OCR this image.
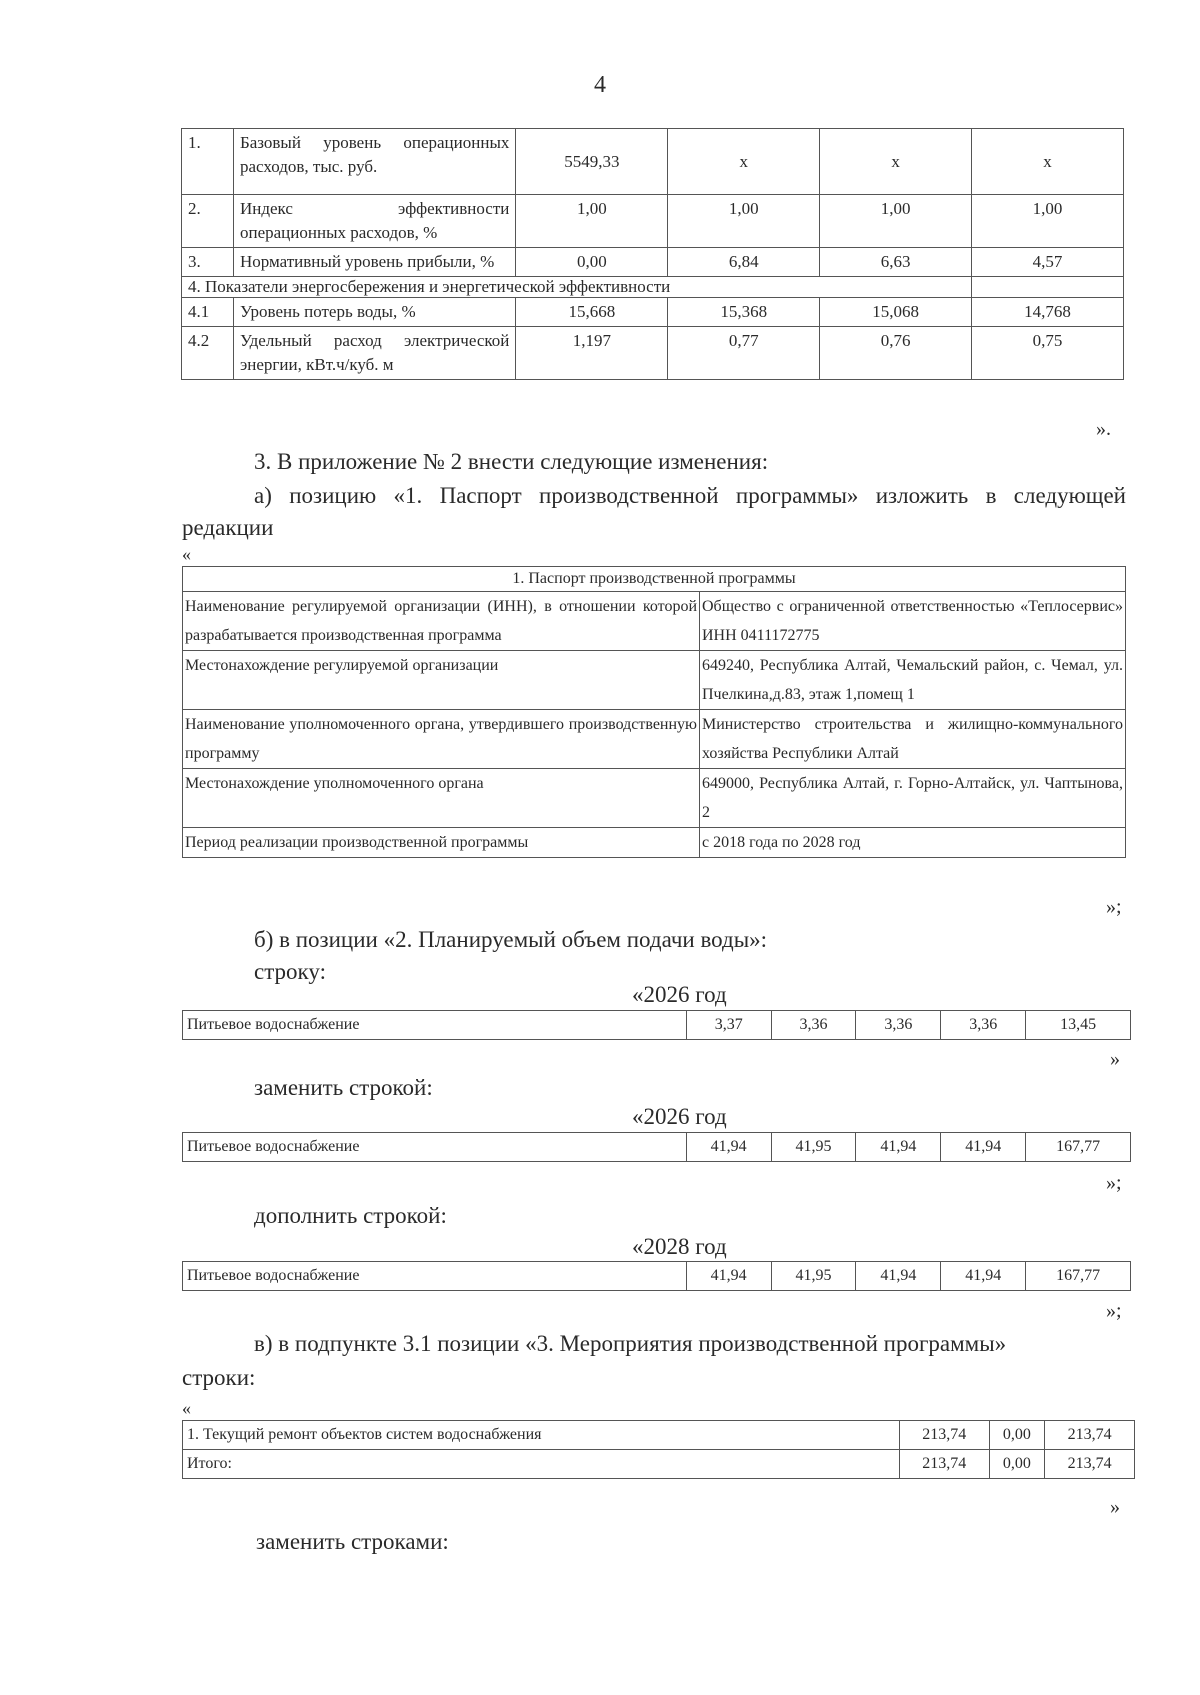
4
1.	Базовый уровень операционных расходов, тыс. руб.	5549,33	х	х	х
2.	Индекс эффективности операционных расходов, %	1,00	1,00	1,00	1,00
3.	Нормативный уровень прибыли, %	0,00	6,84	6,63	4,57
4. Показатели энергосбережения и энергетической эффективности					
4.1	Уровень потерь воды, %	15,668	15,368	15,068	14,768
4.2	Удельный расход электрической энергии, кВт.ч/куб. м	1,197	0,77	0,76	0,75
».
3. В приложение № 2 внести следующие изменения:
а) позицию «1. Паспорт производственной программы» изложить в следующей редакции
«
1. Паспорт производственной программы	
Наименование регулируемой организации (ИНН), в отношении которой разрабатывается производственная программа	Общество с ограниченной ответственностью «Теплосервис» ИНН 0411172775
Местонахождение регулируемой организации	649240, Республика Алтай, Чемальский район, с. Чемал, ул. Пчелкина,д.83, этаж 1,помещ 1
Наименование уполномоченного органа, утвердившего производственную программу	Министерство строительства и жилищно-коммунального хозяйства Республики Алтай
Местонахождение уполномоченного органа	649000, Республика Алтай, г. Горно-Алтайск, ул. Чаптынова, 2
Период реализации производственной программы	с 2018 года по 2028 год
»;
б) в позиции «2. Планируемый объем подачи воды»:
строку:
«2026 год
Питьевое водоснабжение	3,37	3,36	3,36	3,36	13,45
»
заменить строкой:
«2026 год
Питьевое водоснабжение	41,94	41,95	41,94	41,94	167,77
»;
дополнить строкой:
«2028 год
Питьевое водоснабжение	41,94	41,95	41,94	41,94	167,77
»;
в) в подпункте 3.1 позиции «3. Мероприятия производственной программы»
строки:
«
1. Текущий ремонт объектов систем водоснабжения	213,74	0,00	213,74
Итого:	213,74	0,00	213,74
»
заменить строками:
